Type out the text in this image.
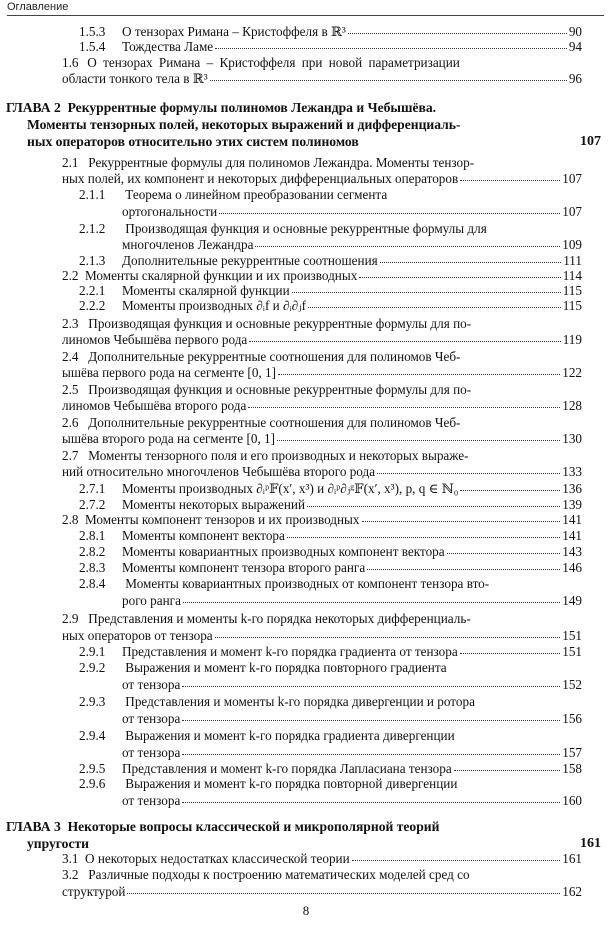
Оглавление
1.5.3	О тензорах Римана – Кристоффеля в ℝ³	90
1.5.4	Тождества Ламе	94
1.6 О тензорах Римана – Кристоффеля при новой параметризации
области тонкого тела в ℝ³	96
ГЛАВА 2 Рекуррентные формулы полиномов Лежандра и Чебышёва.
Моменты тензорных полей, некоторых выражений и дифференциаль-
ных операторов относительно этих систем полиномов	107
2.1 Рекуррентные формулы для полиномов Лежандра. Моменты тензор-
ных полей, их компонент и некоторых дифференциальных операторов	107
2.1.1 Теорема о линейном преобразовании сегмента
ортогональности	107
2.1.2 Производящая функция и основные рекуррентные формулы для
многочленов Лежандра	109
2.1.3	Дополнительные рекуррентные соотношения	111
2.2 Моменты скалярной функции и их производных	114
2.2.1	Моменты скалярной функции	115
2.2.2	Моменты производных ∂ᵢf и ∂ᵢ∂ⱼf	115
2.3 Производящая функция и основные рекуррентные формулы для по-
линомов Чебышёва первого рода	119
2.4 Дополнительные рекуррентные соотношения для полиномов Чеб-
ышёва первого рода на сегменте [0, 1]	122
2.5 Производящая функция и основные рекуррентные формулы для по-
линомов Чебышёва второго рода	128
2.6 Дополнительные рекуррентные соотношения для полиномов Чеб-
ышёва второго рода на сегменте [0, 1]	130
2.7 Моменты тензорного поля и его производных и некоторых выраже-
ний относительно многочленов Чебышёва второго рода	133
2.7.1	Моменты производных ∂ᵢᵖ𝔽(x′, x³) и ∂ᵢᵖ∂ⱼᵍ𝔽(x′, x³), p, q ∈ ℕ₀	136
2.7.2	Моменты некоторых выражений	139
2.8 Моменты компонент тензоров и их производных	141
2.8.1	Моменты компонент вектора	141
2.8.2	Моменты ковариантных производных компонент вектора	143
2.8.3	Моменты компонент тензора второго ранга	146
2.8.4 Моменты ковариантных производных от компонент тензора вто-
рого ранга	149
2.9 Представления и моменты k-го порядка некоторых дифференциаль-
ных операторов от тензора	151
2.9.1	Представления и момент k-го порядка градиента от тензора	151
2.9.2 Выражения и момент k-го порядка повторного градиента
от тензора	152
2.9.3 Представления и моменты k-го порядка дивергенции и ротора
от тензора	156
2.9.4 Выражения и момент k-го порядка градиента дивергенции
от тензора	157
2.9.5	Представления и момент k-го порядка Лапласиана тензора	158
2.9.6 Выражения и момент k-го порядка повторной дивергенции
от тензора	160
ГЛАВА 3 Некоторые вопросы классической и микрополярной теорий
упругости	161
3.1 О некоторых недостатках классической теории	161
3.2 Различные подходы к построению математических моделей сред со
структурой	162
8
